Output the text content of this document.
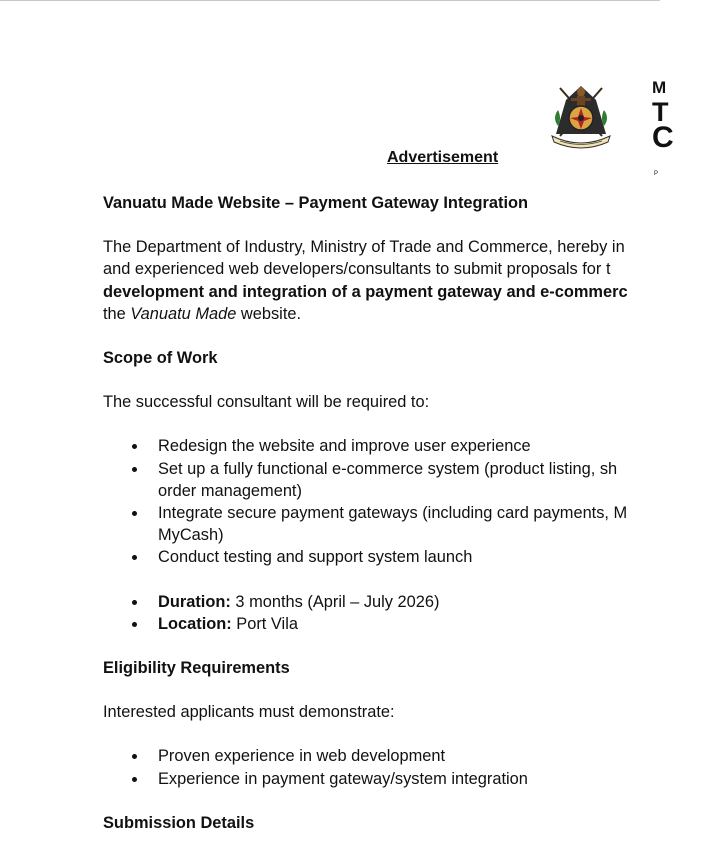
M
T
C
P
Advertisement

Vanuatu Made Website – Payment Gateway Integration

The Department of Industry, Ministry of Trade and Commerce, hereby in

and experienced web developers/consultants to submit proposals for t

development and integration of a payment gateway and e-commerc

the Vanuatu Made website.

Scope of Work

The successful consultant will be required to:

Redesign the website and improve user experience
Set up a fully functional e-commerce system (product listing, sh
order management)
Integrate secure payment gateways (including card payments, M
MyCash)
Conduct testing and support system launch
Duration: 3 months (April – July 2026)
Location: Port Vila

Eligibility Requirements

Interested applicants must demonstrate:

Proven experience in web development
Experience in payment gateway/system integration

Submission Details
